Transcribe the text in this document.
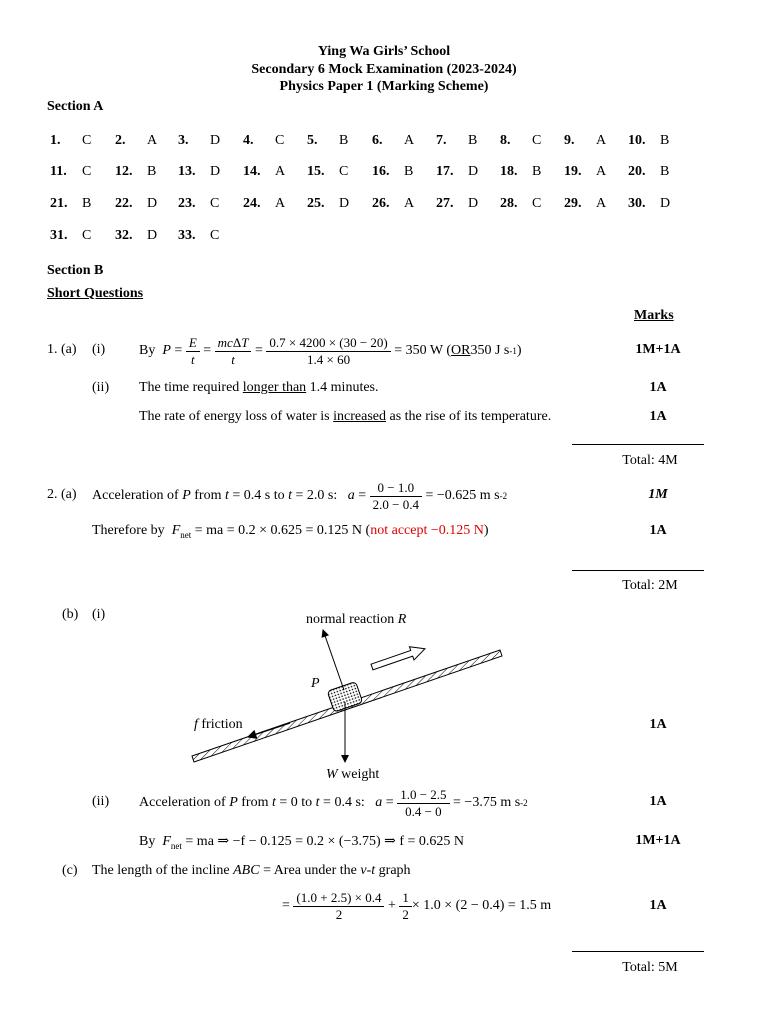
Ying Wa Girls’ School
Secondary 6 Mock Examination (2023-2024)
Physics Paper 1 (Marking Scheme)
Section A
1. C 2. A 3. D 4. C 5. B 6. A 7. B 8. C 9. A 10. B
11. C 12. B 13. D 14. A 15. C 16. B 17. D 18. B 19. A 20. B
21. B 22. D 23. C 24. A 25. D 26. A 27. D 28. C 29. A 30. D
31. C 32. D 33. C
Section B
Short Questions
Marks
1. (a) (i) By
$P = \frac{E}{t} = \frac{\text{mcΔT}}{t} = \frac{0.7 \times 4200 \times (30 - 20)}{1.4 \times 60}$
= 350 W ( OR 350 J s -1 )	1M+1A
(ii) The time required longer than 1.4 minutes.	1A
The rate of energy loss of water is increased as the rise of its temperature.	1A
Total: 4M
2. (a) Acceleration of P from t = 0.4 s to t = 2.0 s:
$a = \frac{0 - 1.0}{2.0 - 0.4}$
= −0.625 m s -2	1M
Therefore by $F_{net}$ = ma = 0.2 × 0.625 = 0.125 N (not accept −0.125 N)	1A
Total: 2M
(b) (i)	normal reaction R
P
f friction
W weight
1A
(ii) Acceleration of P from t = 0 to t = 0.4 s:
$a = \frac{1.0 - 2.5}{0.4 - 0}$
= −3.75 m s -2	1A
By $F_{net}$ = ma ⇒ −f − 0.125 = 0.2 × (−3.75) ⇒ f = 0.625 N	1M+1A
(c) The length of the incline ABC = Area under the v-t graph
= $\frac{(1.0 + 2.5) \times 0.4}{2} + \frac{1}{2} \times 1.0 \times (2 - 0.4) = 1.5$ m	1A
Total: 5M
